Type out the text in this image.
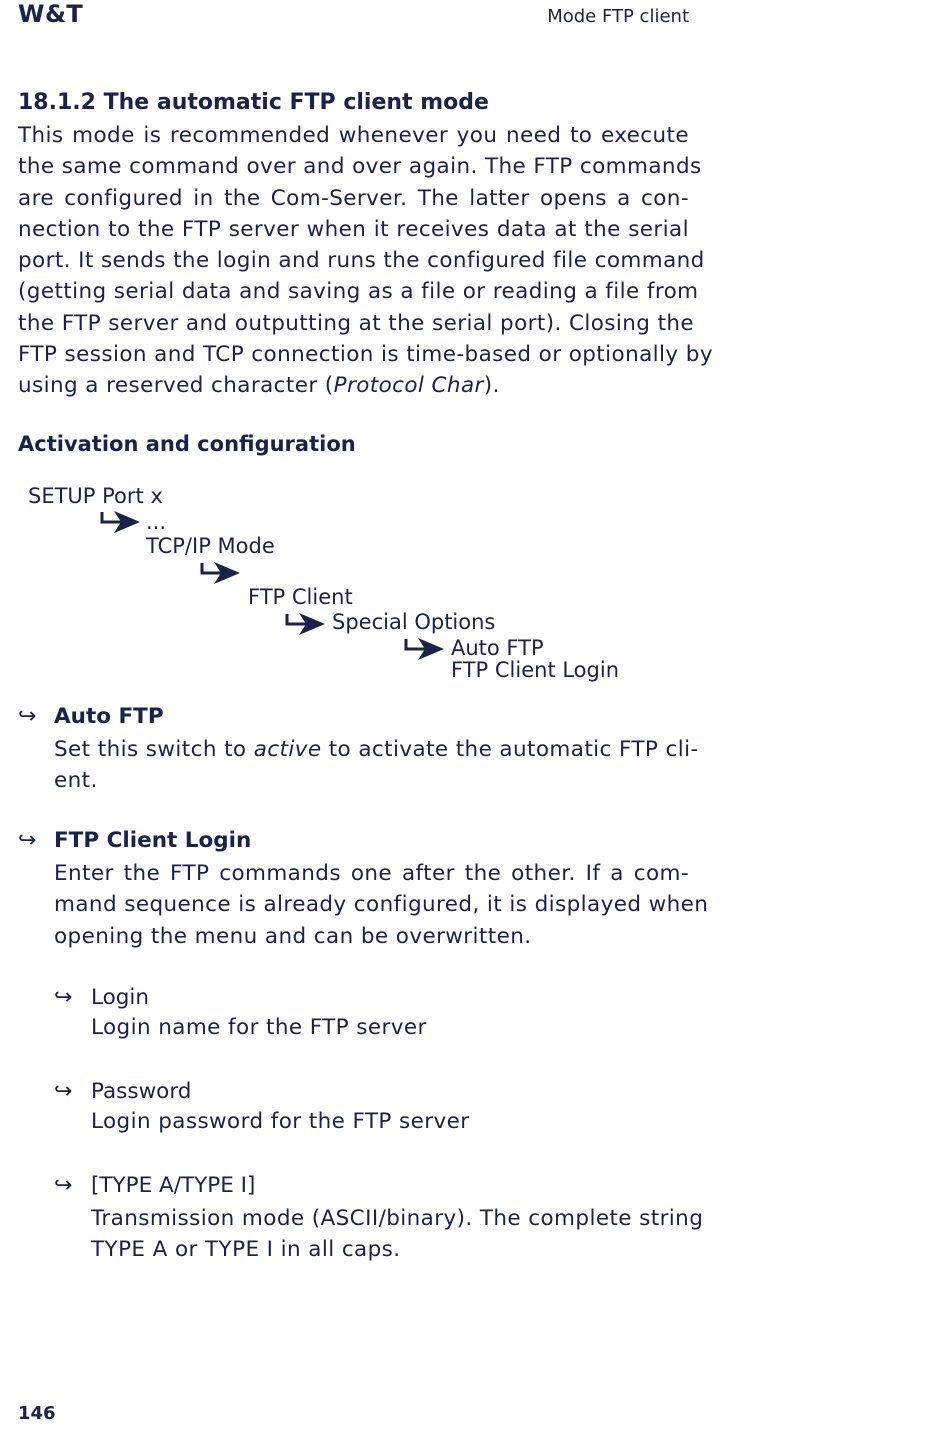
W&T	Mode FTP client
18.1.2 The automatic FTP client mode
This mode is recommended whenever you need to execute
the same command over and over again. The FTP commands
are configured in the Com-Server. The latter opens a con-
nection to the FTP server when it receives data at the serial
port. It sends the login and runs the configured file command
(getting serial data and saving as a file or reading a file from
the FTP server and outputting at the serial port). Closing the
FTP session and TCP connection is time-based or optionally by
using a reserved character (Protocol Char).
Activation and configuration
SETUP Port x
...
TCP/IP Mode
FTP Client
Special Options
Auto FTP
FTP Client Login
↪ Auto FTP
Set this switch to active to activate the automatic FTP cli-
ent.
↪ FTP Client Login
Enter the FTP commands one after the other. If a com-
mand sequence is already configured, it is displayed when
opening the menu and can be overwritten.
↪ Login
Login name for the FTP server
↪ Password
Login password for the FTP server
↪ [TYPE A/TYPE I]
Transmission mode (ASCII/binary). The complete string
TYPE A or TYPE I in all caps.
146
